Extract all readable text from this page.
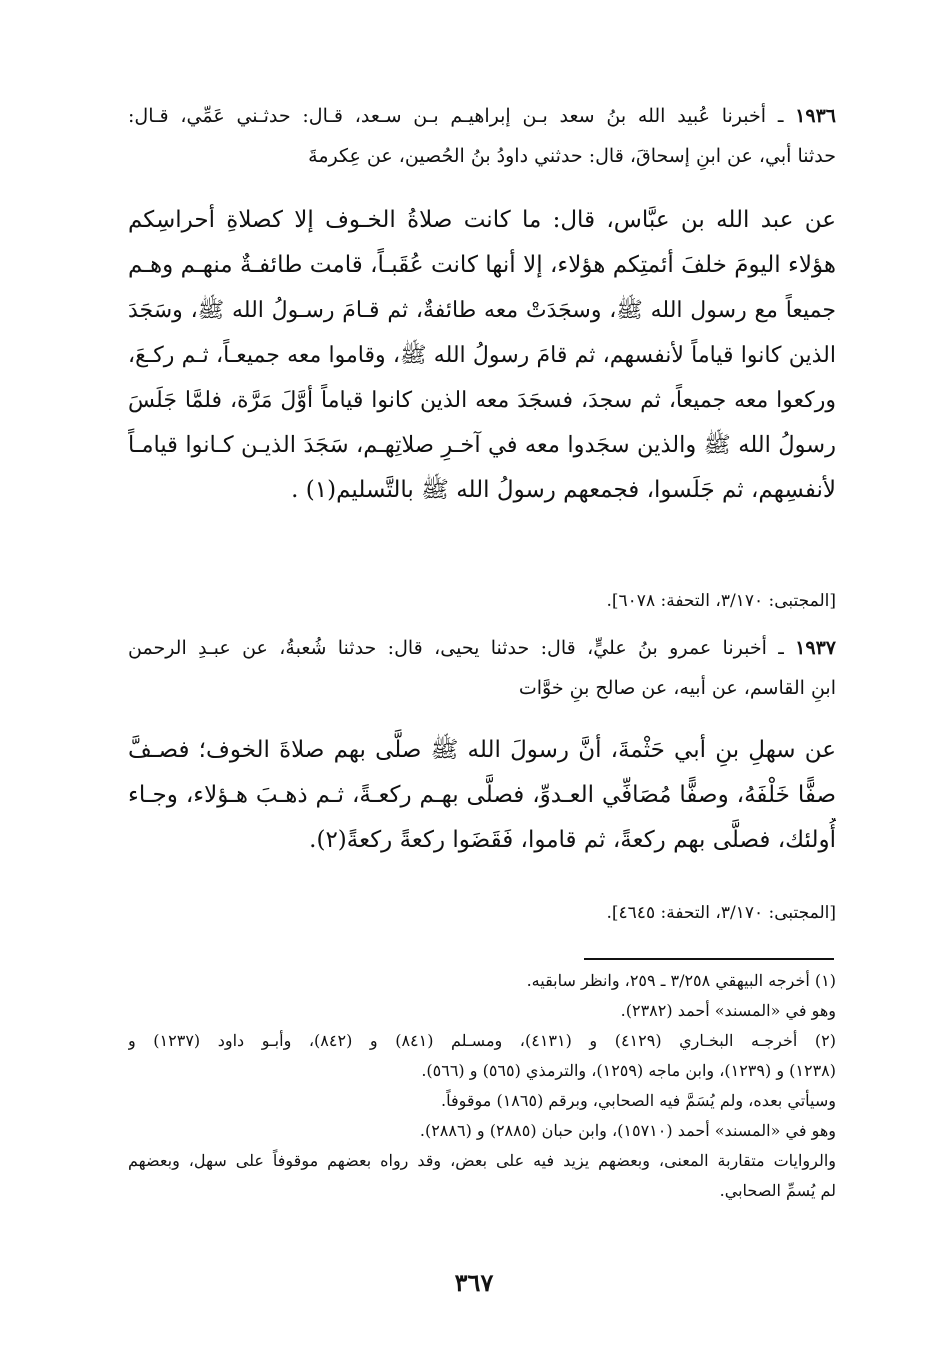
١٩٣٦ ـ أخبرنا عُبيد الله بنُ سعد بـن إبراهيـم بـن سـعد، قـال: حدثـني عَمِّي، قـال:
حدثنا أبي، عن ابنِ إسحاقَ، قال: حدثني داودُ بنُ الحُصين، عن عِكرمةَ
عن عبد الله بن عبَّاس، قال: ما كانت صلاةُ الخـوف إلا كصلاةِ أحراسِكم
هؤلاء اليومَ خلفَ أئمتِكم هؤلاء، إلا أنها كانت عُقَبـاً، قامت طائفـةٌ منهـم وهـم
جميعاً مع رسول الله ﷺ، وسجَدَتْ معه طائفةٌ، ثم قـامَ رسـولُ الله ﷺ، وسَجَدَ
الذين كانوا قياماً لأنفسهم، ثم قامَ رسولُ الله ﷺ، وقاموا معه جميعـاً، ثـم ركـعَ،
وركعوا معه جميعاً، ثم سجدَ، فسجَدَ معه الذين كانوا قياماً أوَّلَ مَرَّة، فلمَّا جَلَسَ
رسولُ الله ﷺ والذين سجَدوا معه في آخـرِ صلاتِهـم، سَجَدَ الذيـن كـانوا قيامـاً
لأنفسِهم، ثم جَلَسوا، فجمعهم رسولُ الله ﷺ بالتَّسليم(١) .
[المجتبى: ٣/١٧٠، التحفة: ٦٠٧٨].
١٩٣٧ ـ أخبرنا عمرو بنُ عليٍّ، قال: حدثنا يحيى، قال: حدثنا شُعبةُ، عن عبـدِ الرحمن
ابنِ القاسم، عن أبيه، عن صالح بنِ خوَّات
عن سهلِ بنِ أبي حَثْمةَ، أنَّ رسولَ الله ﷺ صلَّى بهم صلاةَ الخوف؛ فصـفَّ
صفًّا خَلْفَهُ، وصفًّا مُصَافِّي العـدوِّ، فصلَّى بهـم ركعـةً، ثـم ذهـبَ هـؤلاء، وجـاء
أُولئك، فصلَّى بهم ركعةً، ثم قاموا، فَقَضَوا ركعةً ركعةً(٢).
[المجتبى: ٣/١٧٠، التحفة: ٤٦٤٥].
(١) أخرجه البيهقي ٣/٢٥٨ ـ ٢٥٩، وانظر سابقيه.
وهو في «المسند» أحمد (٢٣٨٢).
(٢) أخرجـه البخـاري (٤١٢٩) و (٤١٣١)، ومسـلم (٨٤١) و (٨٤٢)، وأبـو داود (١٢٣٧) و
(١٢٣٨) و (١٢٣٩)، وابن ماجه (١٢٥٩)، والترمذي (٥٦٥) و (٥٦٦).
وسيأتي بعده، ولم يُسَمَّ فيه الصحابي، وبرقم (١٨٦٥) موقوفاً.
وهو في «المسند» أحمد (١٥٧١٠)، وابن حبان (٢٨٨٥) و (٢٨٨٦).
والروايات متقاربة المعنى، وبعضهم يزيد فيه على بعض، وقد رواه بعضهم موقوفاً على سهل، وبعضهم
لم يُسمِّ الصحابي.
٣٦٧
